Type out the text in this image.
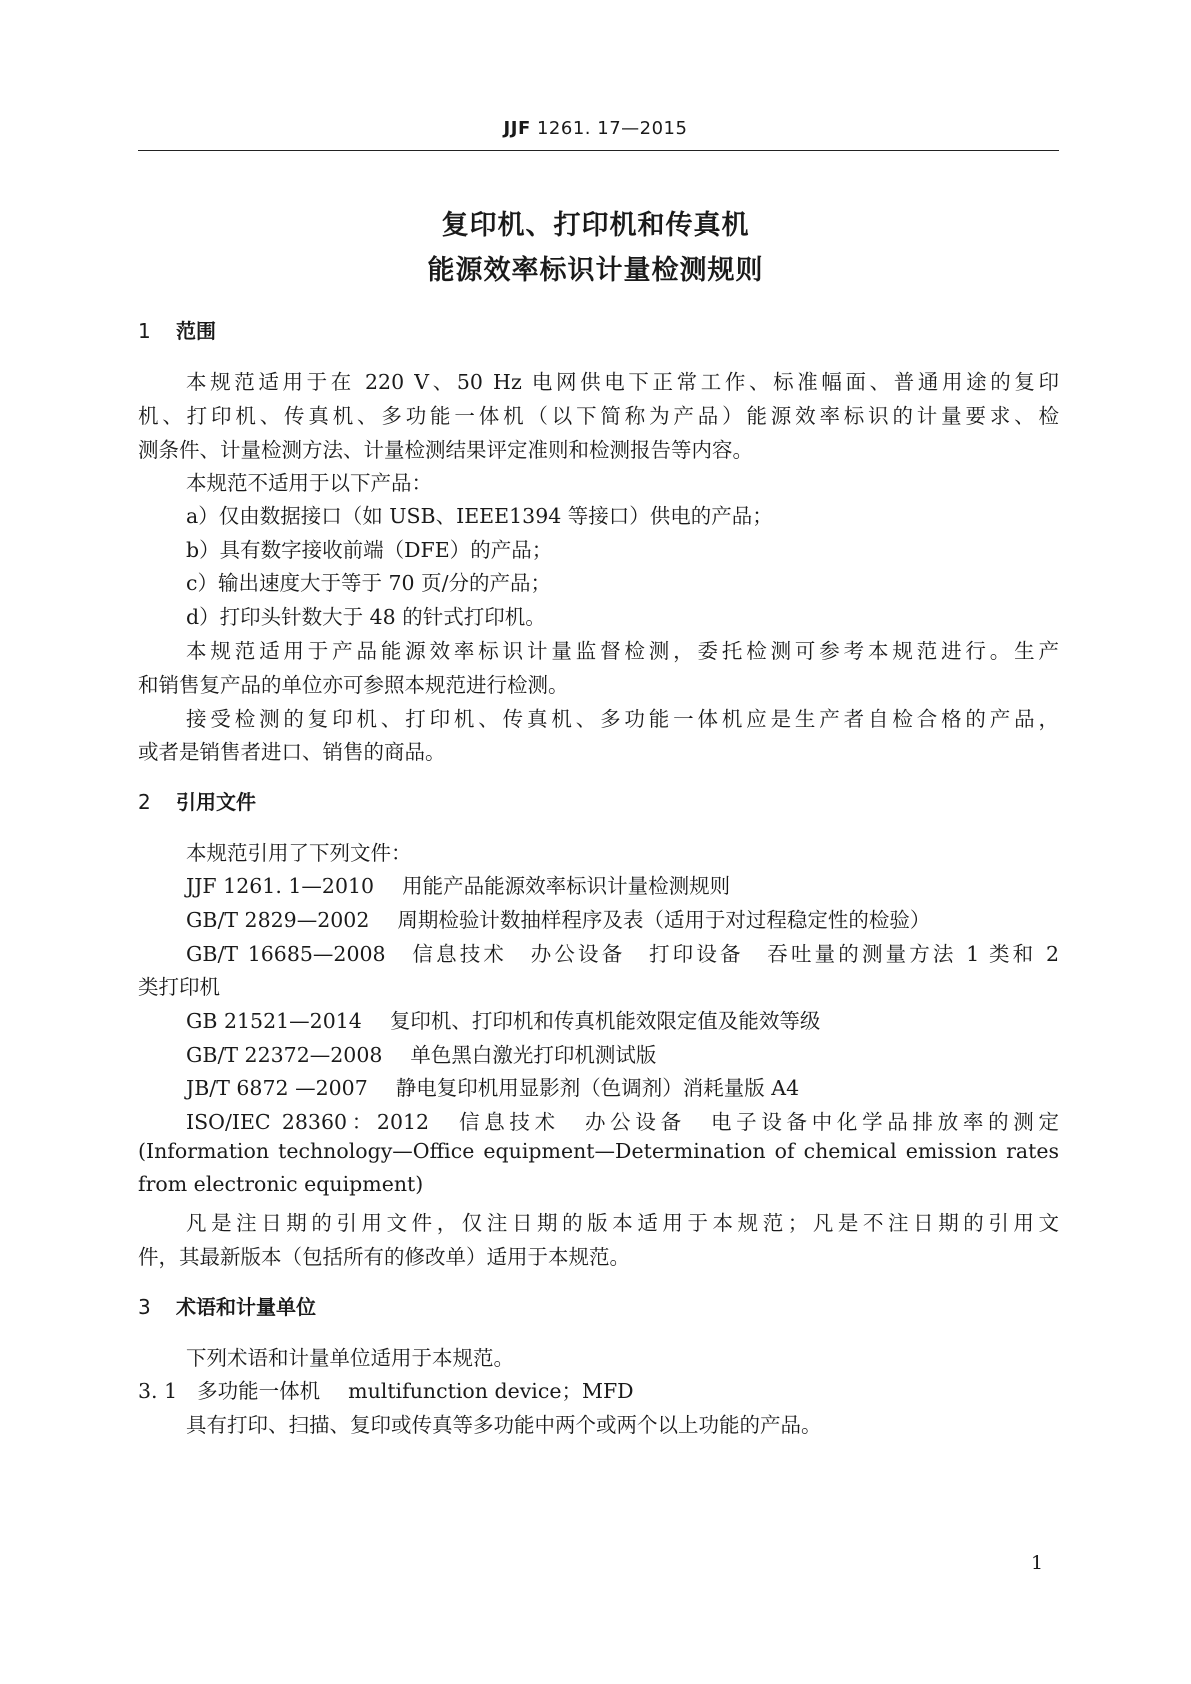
JJF 1261. 17—2015
复印机、打印机和传真机
能源效率标识计量检测规则
1 范围
本规范适用于在 220 V、50 Hz 电网供电下正常工作、标准幅面、普通用途的复印
机、打印机、传真机、多功能一体机（以下简称为产品）能源效率标识的计量要求、检
测条件、计量检测方法、计量检测结果评定准则和检测报告等内容。
本规范不适用于以下产品：
a）仅由数据接口（如 USB、IEEE1394 等接口）供电的产品；
b）具有数字接收前端（DFE）的产品；
c）输出速度大于等于 70 页/分的产品；
d）打印头针数大于 48 的针式打印机。
本规范适用于产品能源效率标识计量监督检测，委托检测可参考本规范进行。生产
和销售复产品的单位亦可参照本规范进行检测。
接受检测的复印机、打印机、传真机、多功能一体机应是生产者自检合格的产品，
或者是销售者进口、销售的商品。
2 引用文件
本规范引用了下列文件：
JJF 1261. 1—2010 用能产品能源效率标识计量检测规则
GB/T 2829—2002 周期检验计数抽样程序及表（适用于对过程稳定性的检验）
GB/T 16685—2008　 信息技术　办公设备　打印设备　吞吐量的测量方法 1 类和 2
类打印机
GB 21521—2014 复印机、打印机和传真机能效限定值及能效等级
GB/T 22372—2008 单色黑白激光打印机测试版
JB/T 6872 —2007 静电复印机用显影剂（色调剂）消耗量版 A4
ISO/IEC 28360：2012　 信息技术　办公设备　电子设备中化学品排放率的测定
(Information technology—Office equipment—Determination of chemical emission rates
from electronic equipment)
凡是注日期的引用文件，仅注日期的版本适用于本规范；凡是不注日期的引用文
件，其最新版本（包括所有的修改单）适用于本规范。
3 术语和计量单位
下列术语和计量单位适用于本规范。
3. 1 多功能一体机 multifunction device；MFD
具有打印、扫描、复印或传真等多功能中两个或两个以上功能的产品。
1
